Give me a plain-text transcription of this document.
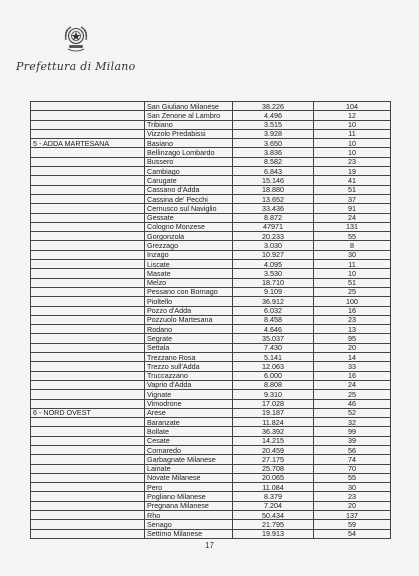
Prefettura di Milano
	San Giuliano Milanese	38.226	104
	San Zenone al Lambro	4.496	12
	Tribiano	3.515	10
	Vizzolo Predabissi	3.928	11
5 - ADDA MARTESANA	Basiano	3.650	10
	Bellinzago Lombardo	3.836	10
	Bussero	8.582	23
	Cambiago	6.843	19
	Carugate	15.146	41
	Cassano d'Adda	18.880	51
	Cassina de' Pecchi	13.652	37
	Cernusco sul Naviglio	33.436	91
	Gessate	8.872	24
	Cologno Monzese	47971	131
	Gorgonzola	20.233	55
	Grezzago	3.030	8
	Inzago	10.927	30
	Liscate	4.095	11
	Masate	3.530	10
	Melzo	18.710	51
	Pessano con Bornago	9.109	25
	Pioltello	36.912	100
	Pozzo d'Adda	6.032	16
	Pozzuolo Martesana	8.458	23
	Rodano	4.646	13
	Segrate	35.037	95
	Settala	7.430	20
	Trezzano Rosa	5.141	14
	Trezzo sull'Adda	12.063	33
	Truccazzano	6.000	16
	Vaprio d'Adda	8.808	24
	Vignate	9.310	25
	Vimodrone	17.028	46
6 - NORD OVEST	Arese	19.187	52
	Baranzate	11.824	32
	Bollate	36.392	99
	Cesate	14.215	39
	Cornaredo	20.459	56
	Garbagnate Milanese	27.175	74
	Lainate	25.708	70
	Novate Milanese	20.065	55
	Pero	11.084	30
	Pogliano Milanese	8.379	23
	Pregnana Milanese	7.204	20
	Rho	50.434	137
	Senago	21.795	59
	Settimo Milanese	19.913	54
17
